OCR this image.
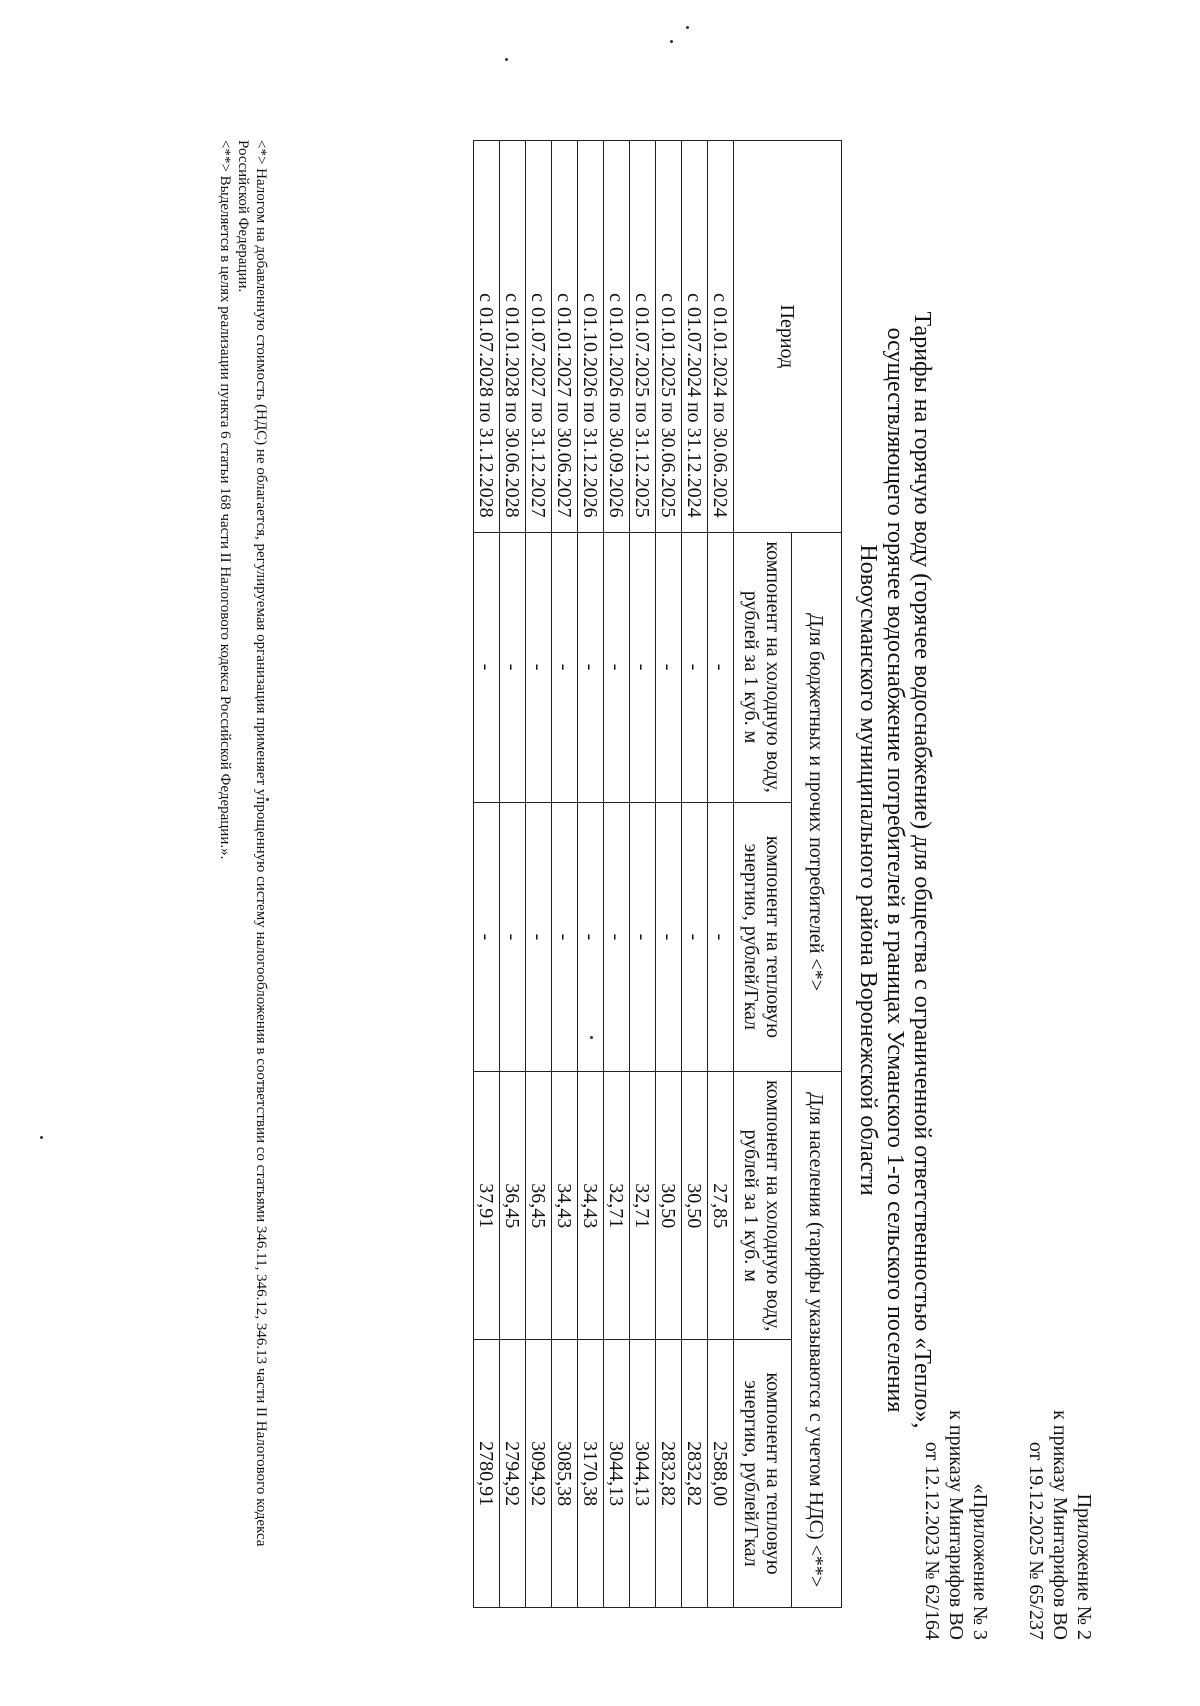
Приложение № 2
к приказу Минтарифов ВО
от 19.12.2025 № 65/237
«Приложение № 3
к приказу Минтарифов ВО
от 12.12.2023 № 62/164
Тарифы на горячую воду (горячее водоснабжение) для общества с ограниченной ответственностью «Тепло»,
осуществляющего горячее водоснабжение потребителей в границах Усманского 1-го сельского поселения
Новоусманского муниципального района Воронежской области
Период	Для бюджетных и прочих потребителей <*>		Для населения (тарифы указываются с учетом НДС) <**>	
	компонент на холодную воду, рублей за 1 куб. м	компонент на тепловую энергию, рублей/Гкал	компонент на холодную воду, рублей за 1 куб. м	компонент на тепловую энергию, рублей/Гкал
с 01.01.2024 по 30.06.2024	-	-	27,85	2588,00
с 01.07.2024 по 31.12.2024	-	-	30,50	2832,82
с 01.01.2025 по 30.06.2025	-	-	30,50	2832,82
с 01.07.2025 по 31.12.2025	-	-	32,71	3044,13
с 01.01.2026 по 30.09.2026	-	-	32,71	3044,13
с 01.10.2026 по 31.12.2026	-	-	34,43	3170,38
с 01.01.2027 по 30.06.2027	-	-	34,43	3085,38
с 01.07.2027 по 31.12.2027	-	-	36,45	3094,92
с 01.01.2028 по 30.06.2028	-	-	36,45	2794,92
с 01.07.2028 по 31.12.2028	-	-	37,91	2780,91

<*> Налогом на добавленную стоимость (НДС) не облагается, регулируемая организация применяет упрощенную систему налогообложения в соответствии со статьями 346.11, 346.12, 346.13 части II Налогового кодекса Российской Федерации.

<**> Выделяется в целях реализации пункта 6 статьи 168 части II Налогового кодекса Российской Федерации.».
